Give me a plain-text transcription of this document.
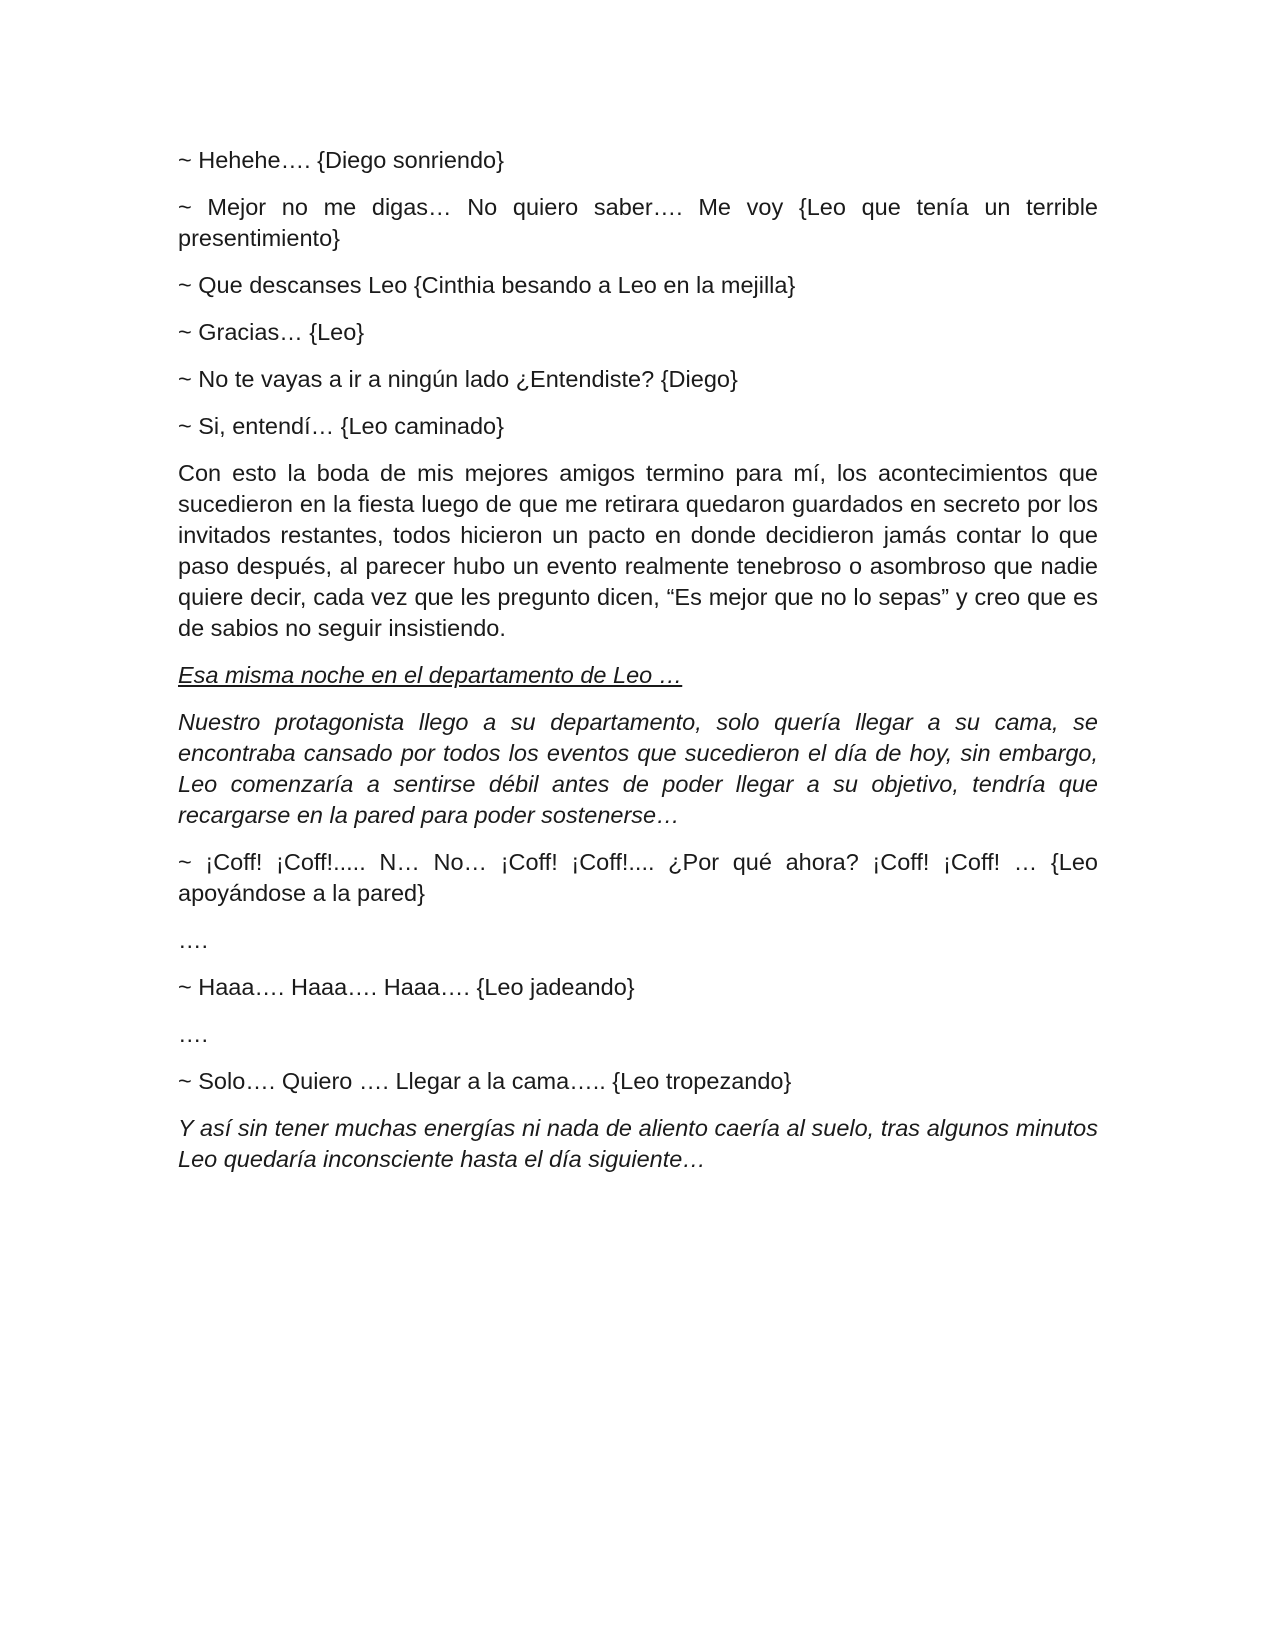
~ Hehehe…. {Diego sonriendo}

~ Mejor no me digas… No quiero saber…. Me voy {Leo que tenía un terrible presentimiento}

~ Que descanses Leo {Cinthia besando a Leo en la mejilla}

~ Gracias… {Leo}

~ No te vayas a ir a ningún lado ¿Entendiste? {Diego}

~ Si, entendí… {Leo caminado}

Con esto la boda de mis mejores amigos termino para mí, los acontecimientos que sucedieron en la fiesta luego de que me retirara quedaron guardados en secreto por los invitados restantes, todos hicieron un pacto en donde decidieron jamás contar lo que paso después, al parecer hubo un evento realmente tenebroso o asombroso que nadie quiere decir, cada vez que les pregunto dicen, “Es mejor que no lo sepas” y creo que es de sabios no seguir insistiendo.

Esa misma noche en el departamento de Leo …

Nuestro protagonista llego a su departamento, solo quería llegar a su cama, se encontraba cansado por todos los eventos que sucedieron el día de hoy, sin embargo, Leo comenzaría a sentirse débil antes de poder llegar a su objetivo, tendría que recargarse en la pared para poder sostenerse…

~ ¡Coff! ¡Coff!..... N… No… ¡Coff! ¡Coff!.... ¿Por qué ahora? ¡Coff! ¡Coff! … {Leo apoyándose a la pared}

….

~ Haaa…. Haaa…. Haaa…. {Leo jadeando}

….

~ Solo…. Quiero …. Llegar a la cama….. {Leo tropezando}

Y así sin tener muchas energías ni nada de aliento caería al suelo, tras algunos minutos Leo quedaría inconsciente hasta el día siguiente…
